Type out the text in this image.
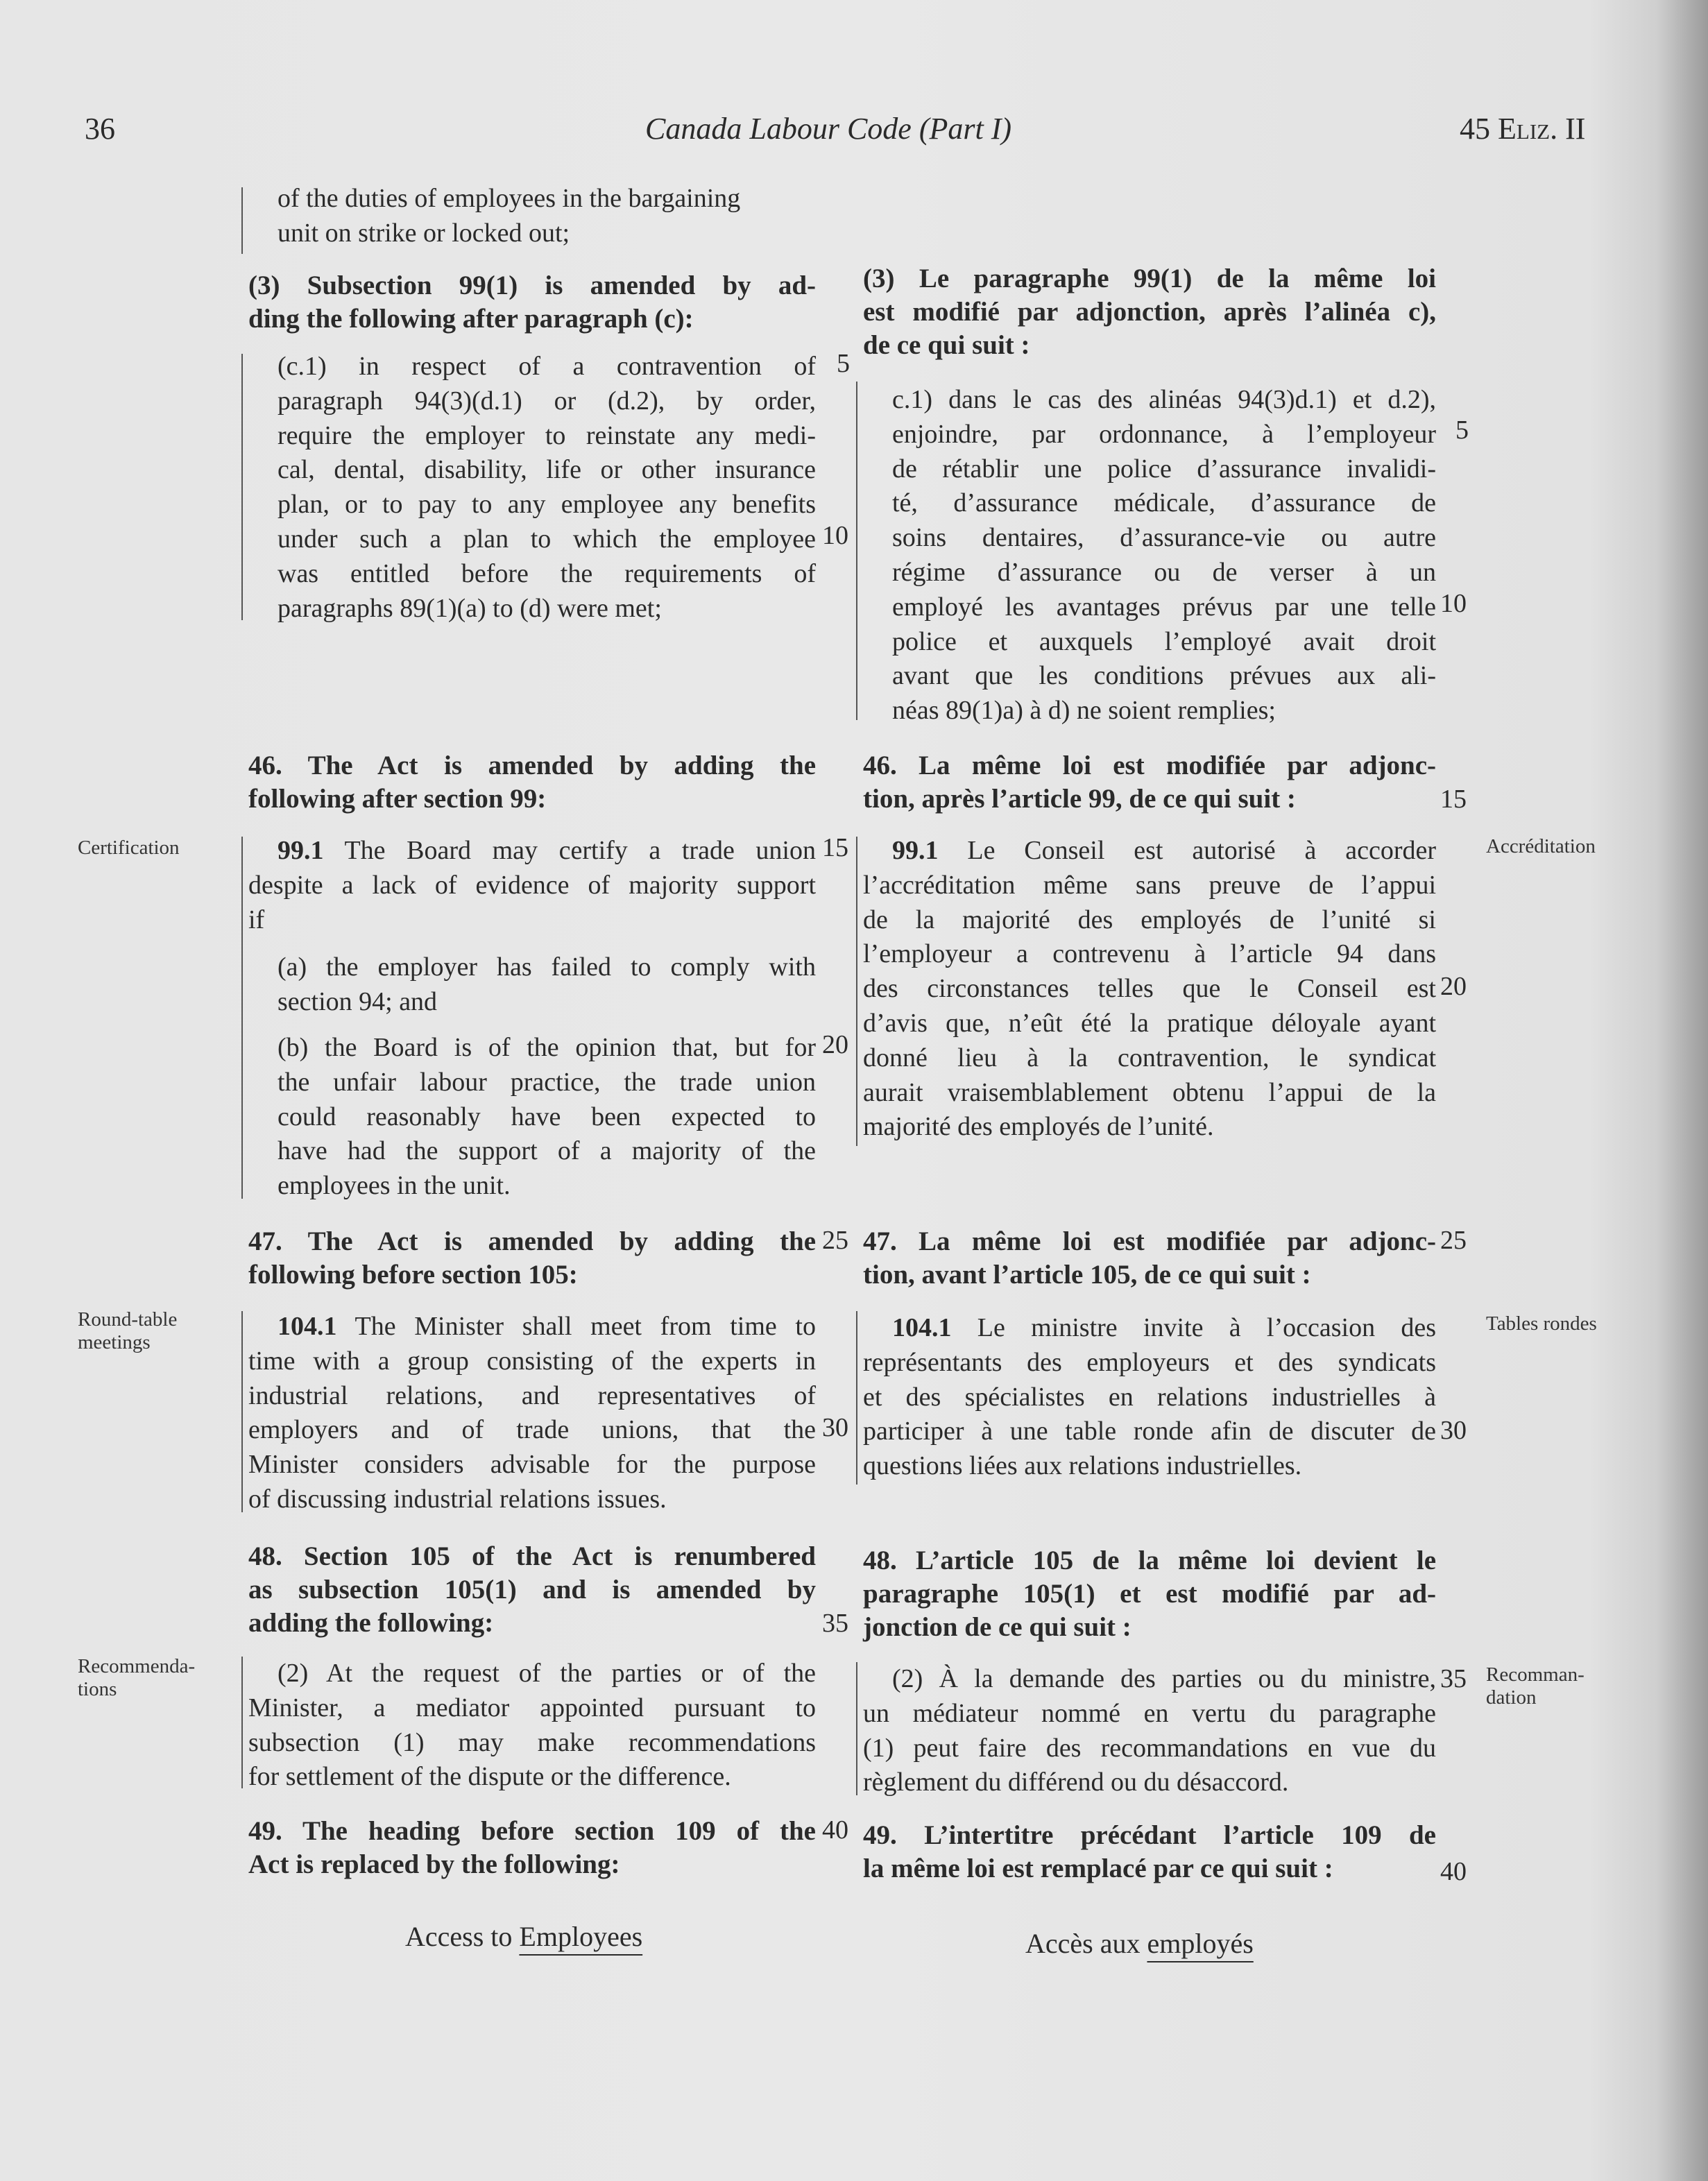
36	Canada Labour Code (Part I)	45 Eliz. II

of the duties of employees in the bargaining

unit on strike or locked out;

(3) Subsection 99(1) is amended by ad-

ding the following after paragraph (c):

(3) Le paragraphe 99(1) de la même loi

est modifié par adjonction, après l’alinéa c),

de ce qui suit :

(c.1) in respect of a contravention of

paragraph 94(3)(d.1) or (d.2), by order,

require the employer to reinstate any medi-

cal, dental, disability, life or other insurance

plan, or to pay to any employee any benefits

under such a plan to which the employee

was entitled before the requirements of

paragraphs 89(1)(a) to (d) were met;

c.1) dans le cas des alinéas 94(3)d.1) et d.2),

enjoindre, par ordonnance, à l’employeur

de rétablir une police d’assurance invalidi-

té, d’assurance médicale, d’assurance de

soins dentaires, d’assurance-vie ou autre

régime d’assurance ou de verser à un

employé les avantages prévus par une telle

police et auxquels l’employé avait droit

avant que les conditions prévues aux ali-

néas 89(1)a) à d) ne soient remplies;

46. The Act is amended by adding the

following after section 99:

46. La même loi est modifiée par adjonc-

tion, après l’article 99, de ce qui suit :

Certification	Accréditation

99.1 The Board may certify a trade union

despite a lack of evidence of majority support

if

(a) the employer has failed to comply with

section 94; and

(b) the Board is of the opinion that, but for

the unfair labour practice, the trade union

could reasonably have been expected to

have had the support of a majority of the

employees in the unit.

99.1 Le Conseil est autorisé à accorder

l’accréditation même sans preuve de l’appui

de la majorité des employés de l’unité si

l’employeur a contrevenu à l’article 94 dans

des circonstances telles que le Conseil est

d’avis que, n’eût été la pratique déloyale ayant

donné lieu à la contravention, le syndicat

aurait vraisemblablement obtenu l’appui de la

majorité des employés de l’unité.

47. The Act is amended by adding the

following before section 105:

47. La même loi est modifiée par adjonc-

tion, avant l’article 105, de ce qui suit :

Round-table
meetings
Tables rondes

104.1 The Minister shall meet from time to

time with a group consisting of the experts in

industrial relations, and representatives of

employers and of trade unions, that the

Minister considers advisable for the purpose

of discussing industrial relations issues.

104.1 Le ministre invite à l’occasion des

représentants des employeurs et des syndicats

et des spécialistes en relations industrielles à

participer à une table ronde afin de discuter de

questions liées aux relations industrielles.

48. Section 105 of the Act is renumbered

as subsection 105(1) and is amended by

adding the following:

48. L’article 105 de la même loi devient le

paragraphe 105(1) et est modifié par ad-

jonction de ce qui suit :

Recommenda-
tions
Recomman-
dation

(2) At the request of the parties or of the

Minister, a mediator appointed pursuant to

subsection (1) may make recommendations

for settlement of the dispute or the difference.

(2) À la demande des parties ou du ministre,

un médiateur nommé en vertu du paragraphe

(1) peut faire des recommandations en vue du

règlement du différend ou du désaccord.

49. The heading before section 109 of the

Act is replaced by the following:

49. L’intertitre précédant l’article 109 de

la même loi est remplacé par ce qui suit :

Access to Employees	Accès aux employés
5
10
15
20
25
30
35
40
5
10
15
20
25
30
35
40
